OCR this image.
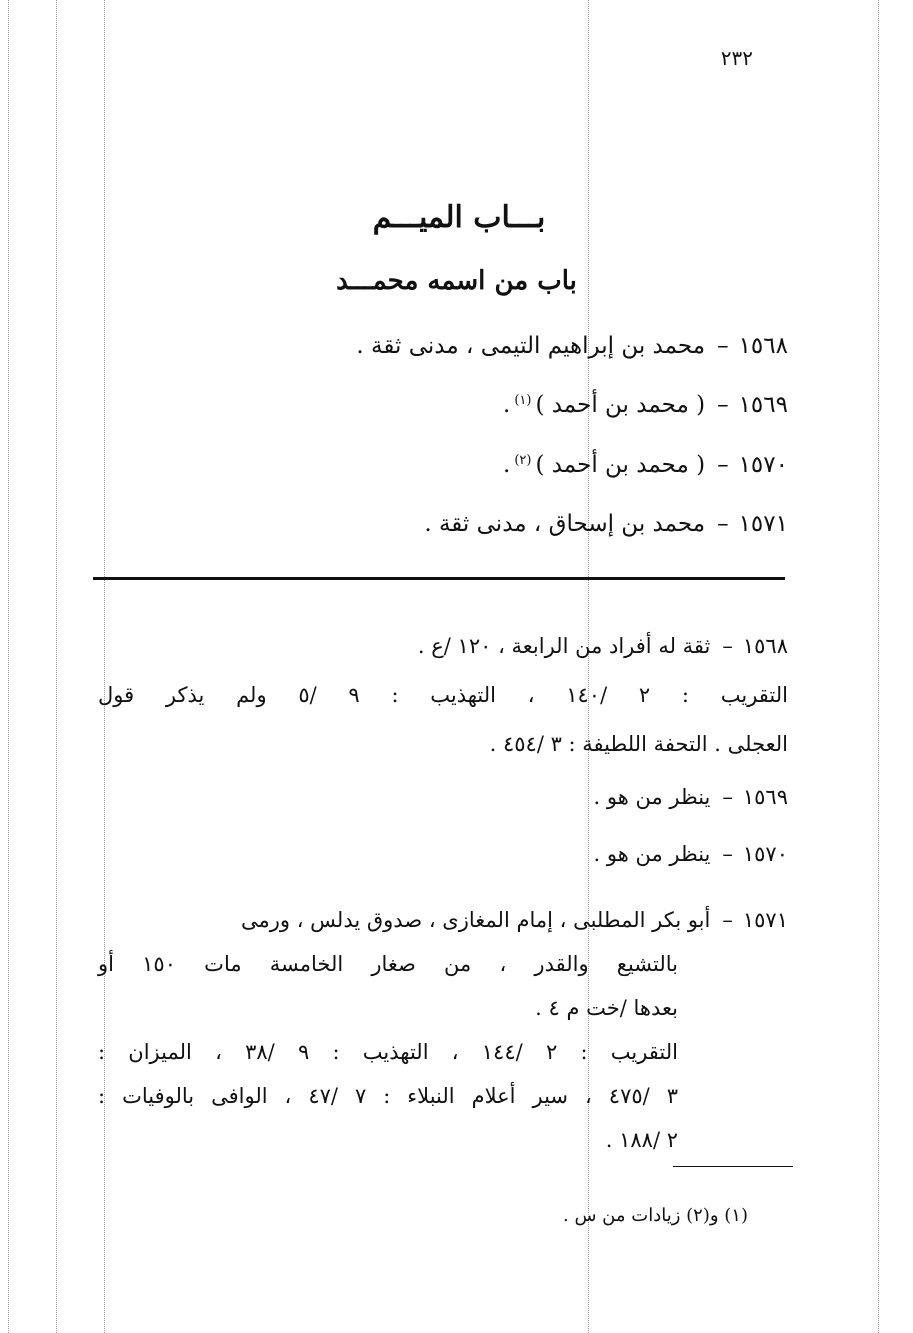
٢٣٢
بـــاب الميـــم
باب من اسمه محمـــد
١٥٦٨–محمد بن إبراهيم التيمى ، مدنى ثقة .
١٥٦٩–( محمد بن أحمد )$^{(١)}$.
١٥٧٠–( محمد بن أحمد )$^{(٢)}$.
١٥٧١–محمد بن إسحاق ، مدنى ثقة .
١٥٦٨–ثقة له أفراد من الرابعة ، ١٢٠ /ع .
التقريب : ٢ /١٤٠ ، التهذيب : ٩ /٥ ولم يذكر قول
العجلى . التحفة اللطيفة : ٣ /٤٥٤ .
١٥٦٩–ينظر من هو .
١٥٧٠–ينظر من هو .
١٥٧١–أبو بكر المطلبى ، إمام المغازى ، صدوق يدلس ، ورمى
بالتشيع والقدر ، من صغار الخامسة مات ١٥٠ أو
بعدها /خت م ٤ .
التقريب : ٢ /١٤٤ ، التهذيب : ٩ /٣٨ ، الميزان :
٣ /٤٧٥ ، سير أعلام النبلاء : ٧ /٤٧ ، الوافى بالوفيات :
٢ /١٨٨ .
(١) و(٢) زيادات من س .
